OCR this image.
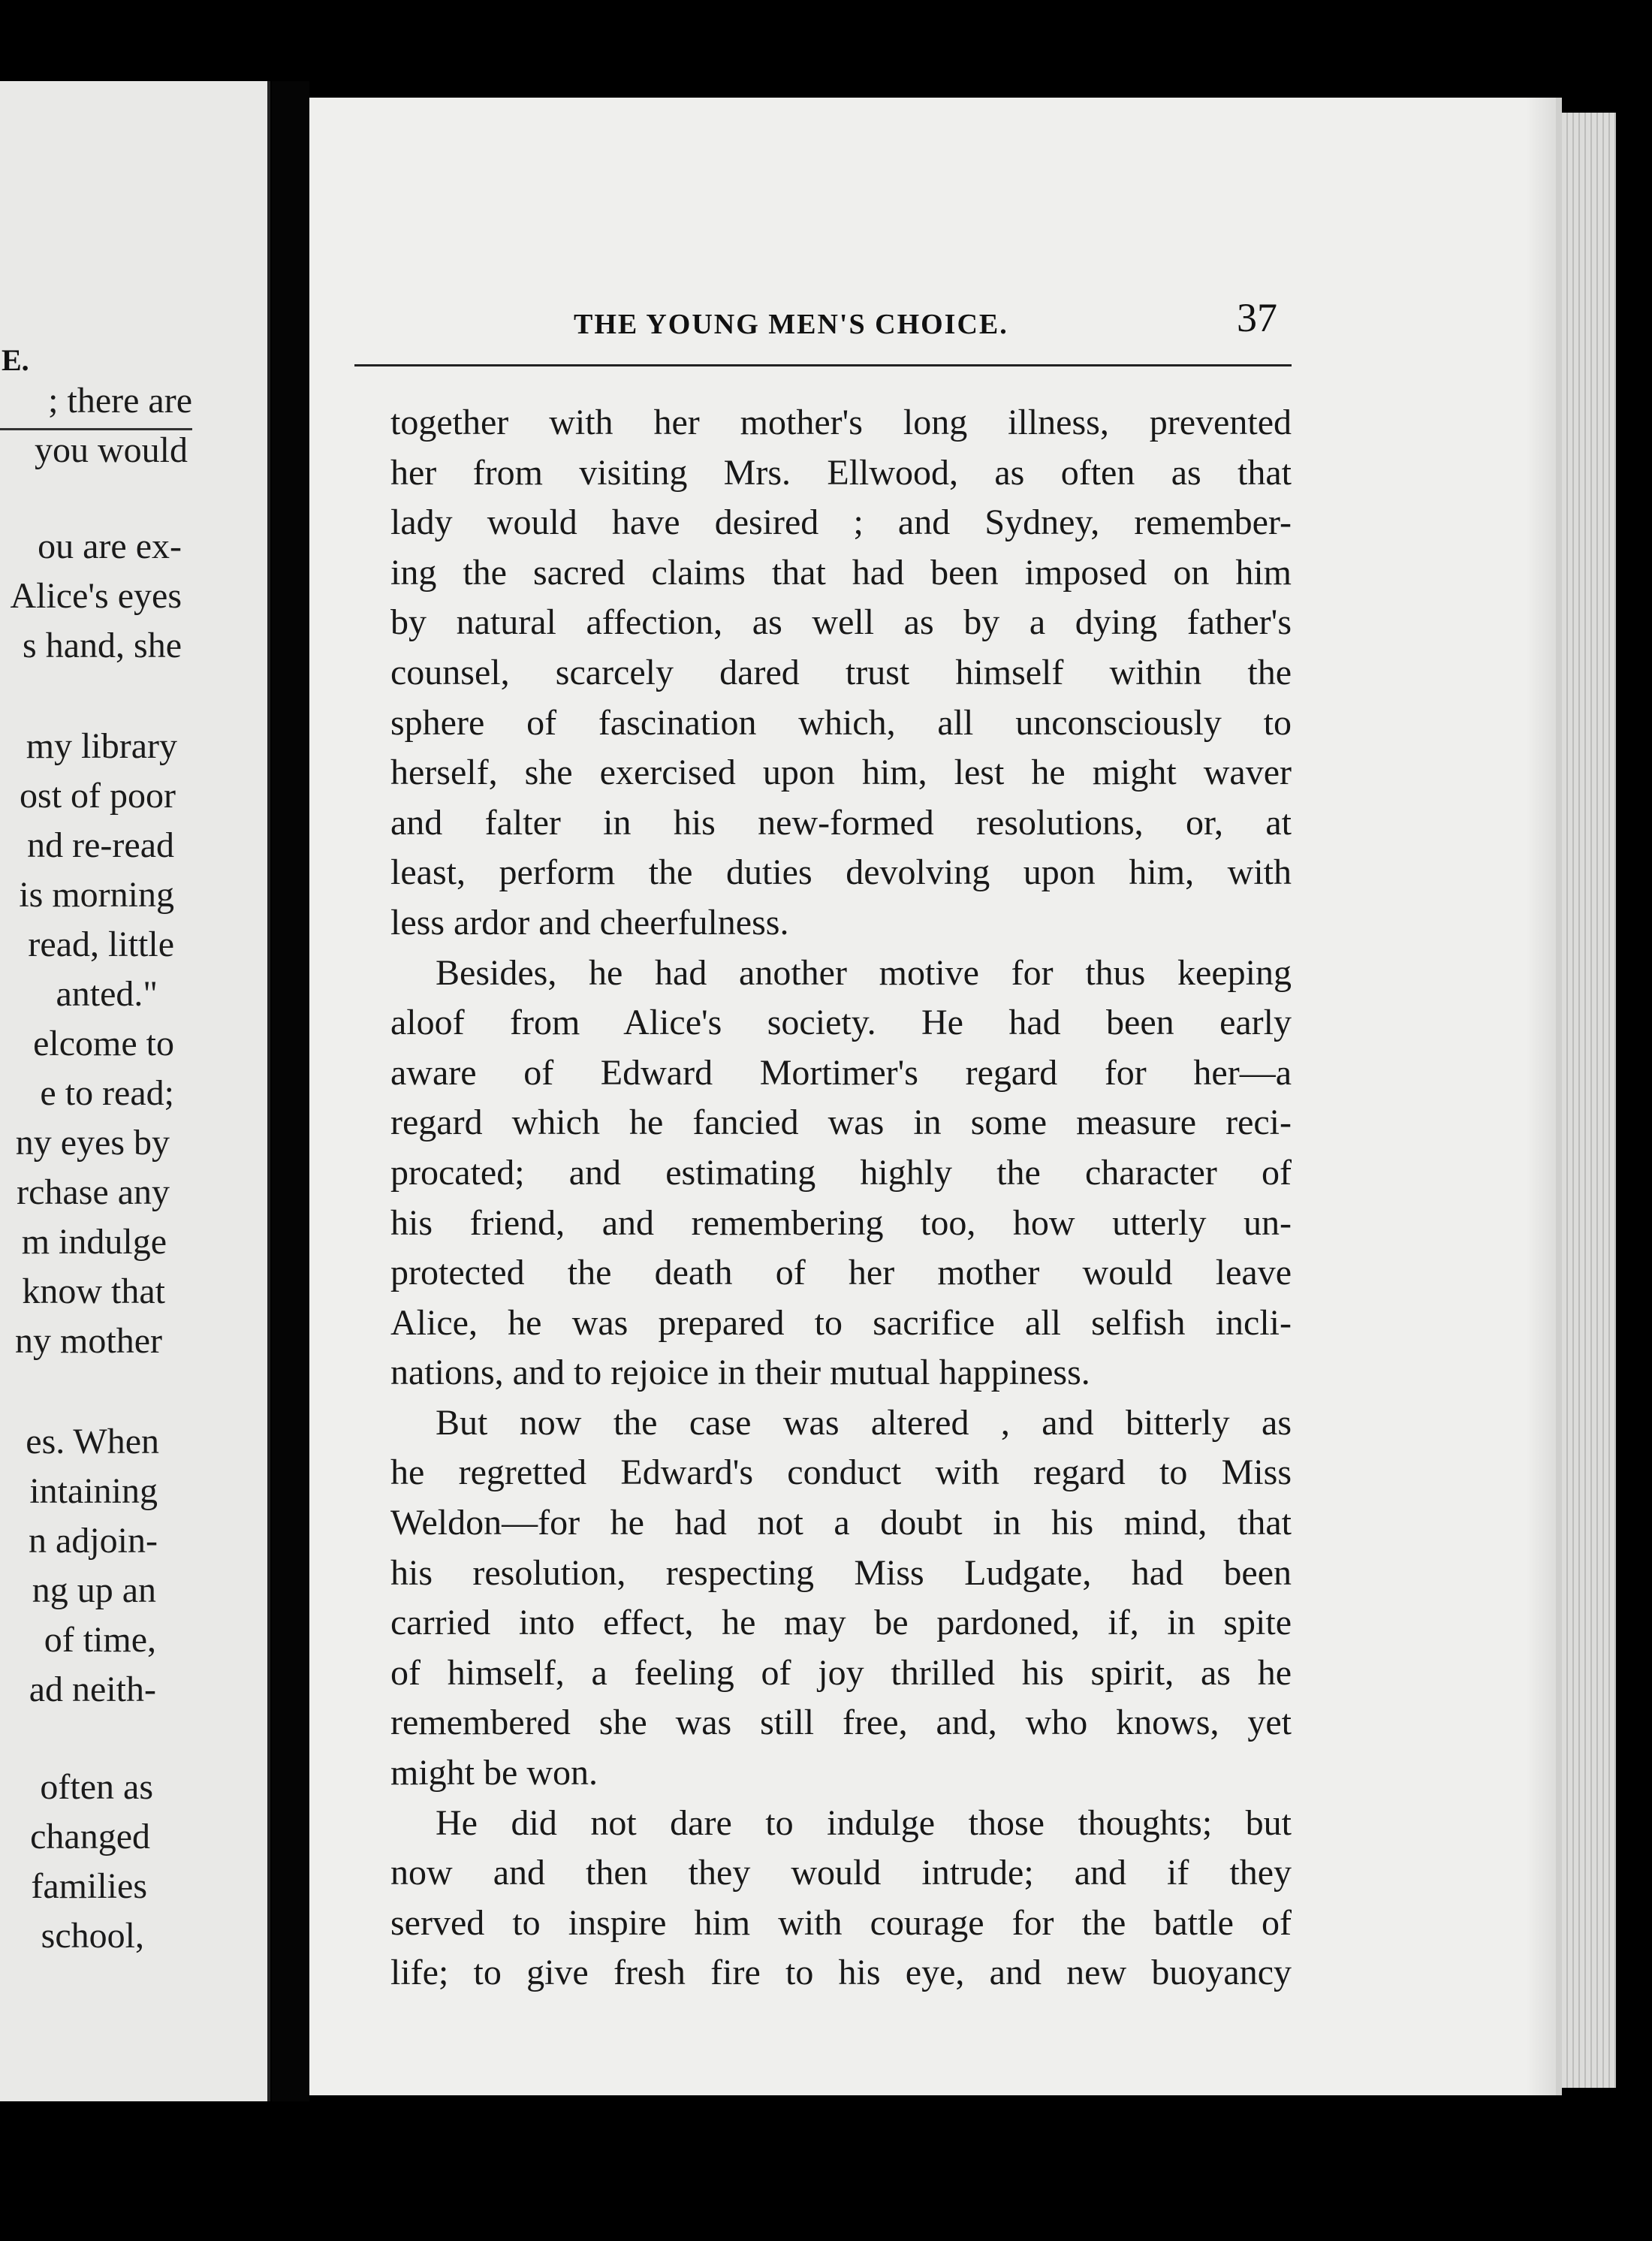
E.
; there are
you would
ou are ex-
Alice's eyes
s hand, she
my library
ost of poor
nd re-read
is morning
read, little
anted."
elcome to
e to read;
ny eyes by
rchase any
m indulge
know that
ny mother
es. When
intaining
n adjoin-
ng up an
of time,
ad neith-
often as
changed
families
school,
THE YOUNG MEN'S CHOICE.	37
together with her mother's long illness, prevented
her from visiting Mrs. Ellwood, as often as that
lady would have desired ; and Sydney, remember-
ing the sacred claims that had been imposed on him
by natural affection, as well as by a dying father's
counsel, scarcely dared trust himself within the
sphere of fascination which, all unconsciously to
herself, she exercised upon him, lest he might waver
and falter in his new-formed resolutions, or, at
least, perform the duties devolving upon him, with
less ardor and cheerfulness.
Besides, he had another motive for thus keeping
aloof from Alice's society. He had been early
aware of Edward Mortimer's regard for her—a
regard which he fancied was in some measure reci-
procated; and estimating highly the character of
his friend, and remembering too, how utterly un-
protected the death of her mother would leave
Alice, he was prepared to sacrifice all selfish incli-
nations, and to rejoice in their mutual happiness.
But now the case was altered , and bitterly as
he regretted Edward's conduct with regard to Miss
Weldon—for he had not a doubt in his mind, that
his resolution, respecting Miss Ludgate, had been
carried into effect, he may be pardoned, if, in spite
of himself, a feeling of joy thrilled his spirit, as he
remembered she was still free, and, who knows, yet
might be won.
He did not dare to indulge those thoughts; but
now and then they would intrude; and if they
served to inspire him with courage for the battle of
life; to give fresh fire to his eye, and new buoyancy
